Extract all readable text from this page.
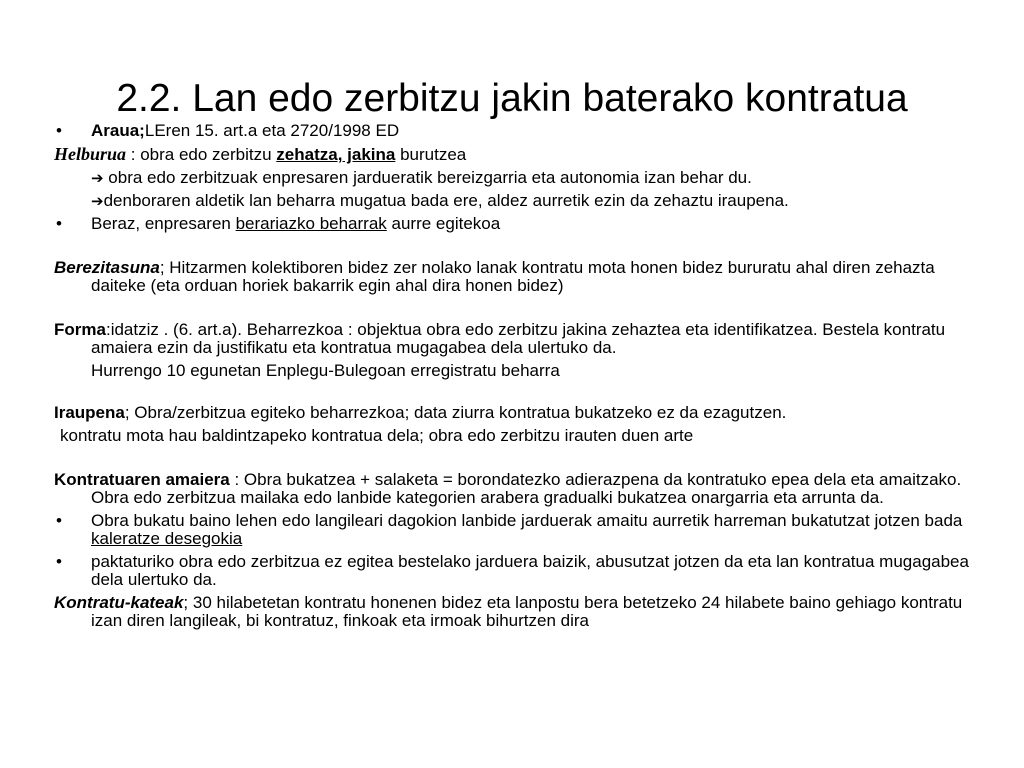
2.2. Lan edo zerbitzu jakin baterako kontratua

• Araua;LEren 15. art.a eta 2720/1998 ED

Helburua : obra edo zerbitzu zehatza, jakina burutzea

➔ obra edo zerbitzuak enpresaren jardueratik bereizgarria eta autonomia izan behar du.

➔denboraren aldetik lan beharra mugatua bada ere, aldez aurretik ezin da zehaztu iraupena.

• Beraz, enpresaren berariazko beharrak aurre egitekoa

Berezitasuna; Hitzarmen kolektiboren bidez zer nolako lanak kontratu mota honen bidez bururatu ahal diren zehazta daiteke (eta orduan horiek bakarrik egin ahal dira honen bidez)

Forma:idatziz . (6. art.a). Beharrezkoa : objektua obra edo zerbitzu jakina zehaztea eta identifikatzea. Bestela kontratu amaiera ezin da justifikatu eta kontratua mugagabea dela ulertuko da.

Hurrengo 10 egunetan Enplegu-Bulegoan erregistratu beharra

Iraupena; Obra/zerbitzua egiteko beharrezkoa; data ziurra kontratua bukatzeko ez da ezagutzen.

kontratu mota hau baldintzapeko kontratua dela; obra edo zerbitzu irauten duen arte

Kontratuaren amaiera : Obra bukatzea + salaketa = borondatezko adierazpena da kontratuko epea dela eta amaitzako. Obra edo zerbitzua mailaka edo lanbide kategorien arabera gradualki bukatzea onargarria eta arrunta da.

• Obra bukatu baino lehen edo langileari dagokion lanbide jarduerak amaitu aurretik harreman bukatutzat jotzen bada kaleratze desegokia

• paktaturiko obra edo zerbitzua ez egitea bestelako jarduera baizik, abusutzat jotzen da eta lan kontratua mugagabea dela ulertuko da.

Kontratu-kateak; 30 hilabetetan kontratu honenen bidez eta lanpostu bera betetzeko 24 hilabete baino gehiago kontratu izan diren langileak, bi kontratuz, finkoak eta irmoak bihurtzen dira
